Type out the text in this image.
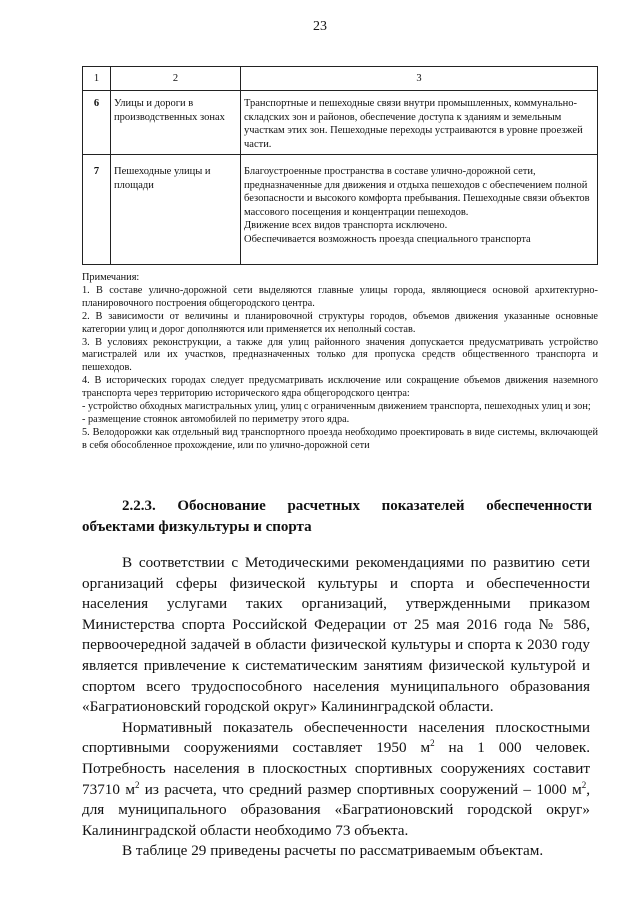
23
1	2	3
6	Улицы и дороги в производственных зонах	Транспортные и пешеходные связи внутри промышленных, коммунально-складских зон и районов, обеспечение доступа к зданиям и земельным участкам этих зон. Пешеходные переходы устраиваются в уровне проезжей части.
7	Пешеходные улицы и площади	Благоустроенные пространства в составе улично-дорожной сети, предназначенные для движения и отдыха пешеходов с обеспечением полной безопасности и высокого комфорта пребывания. Пешеходные связи объектов массового посещения и концентрации пешеходов.
Движение всех видов транспорта исключено.
Обеспечивается возможность проезда специального транспорта

Примечания:

1. В составе улично-дорожной сети выделяются главные улицы города, являющиеся основой архитектурно-планировочного построения общегородского центра.

2. В зависимости от величины и планировочной структуры городов, объемов движения указанные основные категории улиц и дорог дополняются или применяется их неполный состав.

3. В условиях реконструкции, а также для улиц районного значения допускается предусматривать устройство магистралей или их участков, предназначенных только для пропуска средств общественного транспорта и пешеходов.

4. В исторических городах следует предусматривать исключение или сокращение объемов движения наземного транспорта через территорию исторического ядра общегородского центра:

- устройство обходных магистральных улиц, улиц с ограниченным движением транспорта, пешеходных улиц и зон;

- размещение стоянок автомобилей по периметру этого ядра.

5. Велодорожки как отдельный вид транспортного проезда необходимо проектировать в виде системы, включающей в себя обособленное прохождение, или по улично-дорожной сети

2.2.3. Обоснование расчетных показателей обеспеченности
объектами физкультуры и спорта

В соответствии с Методическими рекомендациями по развитию сети организаций сферы физической культуры и спорта и обеспеченности населения услугами таких организаций, утвержденными приказом Министерства спорта Российской Федерации от 25 мая 2016 года № 586, первоочередной задачей в области физической культуры и спорта к 2030 году является привлечение к систематическим занятиям физической культурой и спортом всего трудоспособного населения муниципального образования «Багратионовский городской округ» Калининградской области.

Нормативный показатель обеспеченности населения плоскостными спортивными сооружениями составляет 1950 $м^2$ на 1 000 человек. Потребность населения в плоскостных спортивных сооружениях составит 73710 $м^2$ из расчета, что средний размер спортивных сооружений – 1000 $м^2$, для муниципального образования «Багратионовский городской округ» Калининградской области необходимо 73 объекта.

В таблице 29 приведены расчеты по рассматриваемым объектам.
